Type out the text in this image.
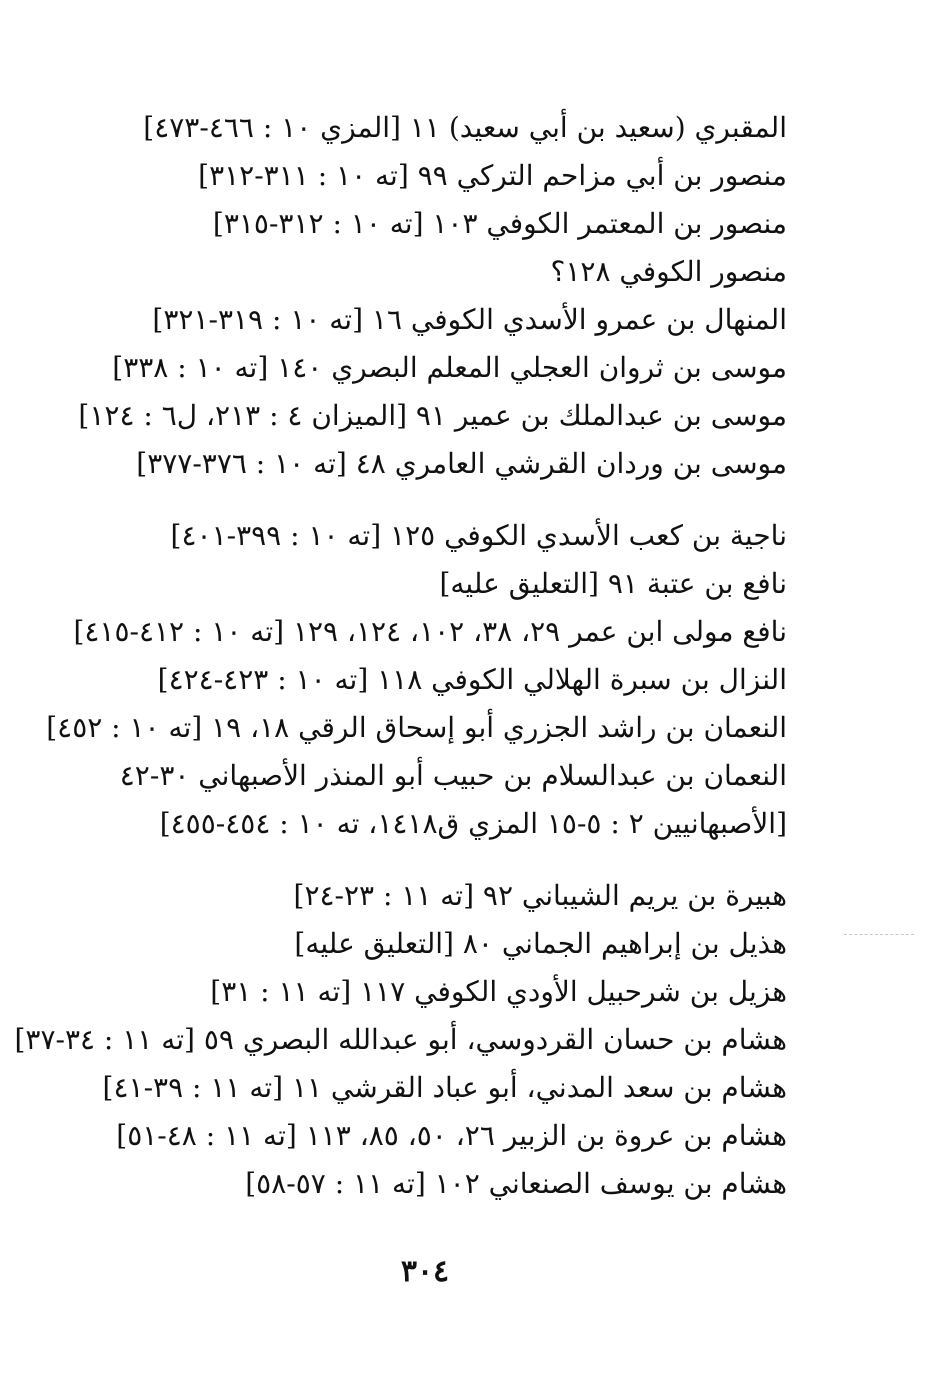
المقبري (سعيد بن أبي سعيد) ١١ [المزي ١٠ : ٤٦٦-٤٧٣]
منصور بن أبي مزاحم التركي ٩٩ [ته ١٠ : ٣١١-٣١٢]
منصور بن المعتمر الكوفي ١٠٣ [ته ١٠ : ٣١٢-٣١٥]
منصور الكوفي ١٢٨؟
المنهال بن عمرو الأسدي الكوفي ١٦ [ته ١٠ : ٣١٩-٣٢١]
موسى بن ثروان العجلي المعلم البصري ١٤٠ [ته ١٠ : ٣٣٨]
موسى بن عبدالملك بن عمير ٩١ [الميزان ٤ : ٢١٣، ل٦ : ١٢٤]
موسى بن وردان القرشي العامري ٤٨ [ته ١٠ : ٣٧٦-٣٧٧]
ناجية بن كعب الأسدي الكوفي ١٢٥ [ته ١٠ : ٣٩٩-٤٠١]
نافع بن عتبة ٩١ [التعليق عليه]
نافع مولى ابن عمر ٢٩، ٣٨، ١٠٢، ١٢٤، ١٢٩ [ته ١٠ : ٤١٢-٤١٥]
النزال بن سبرة الهلالي الكوفي ١١٨ [ته ١٠ : ٤٢٣-٤٢٤]
النعمان بن راشد الجزري أبو إسحاق الرقي ١٨، ١٩ [ته ١٠ : ٤٥٢]
النعمان بن عبدالسلام بن حبيب أبو المنذر الأصبهاني ٣٠-٤٢ [الأصبهانيين ٢ : ٥-١٥ المزي ق١٤١٨، ته ١٠ : ٤٥٤-٤٥٥]
هبيرة بن يريم الشيباني ٩٢ [ته ١١ : ٢٣-٢٤]
هذيل بن إبراهيم الجماني ٨٠ [التعليق عليه]
هزيل بن شرحبيل الأودي الكوفي ١١٧ [ته ١١ : ٣١]
هشام بن حسان القردوسي، أبو عبدالله البصري ٥٩ [ته ١١ : ٣٤-٣٧]
هشام بن سعد المدني، أبو عباد القرشي ١١ [ته ١١ : ٣٩-٤١]
هشام بن عروة بن الزبير ٢٦، ٥٠، ٨٥، ١١٣ [ته ١١ : ٤٨-٥١]
هشام بن يوسف الصنعاني ١٠٢ [ته ١١ : ٥٧-٥٨]
٣٠٤
